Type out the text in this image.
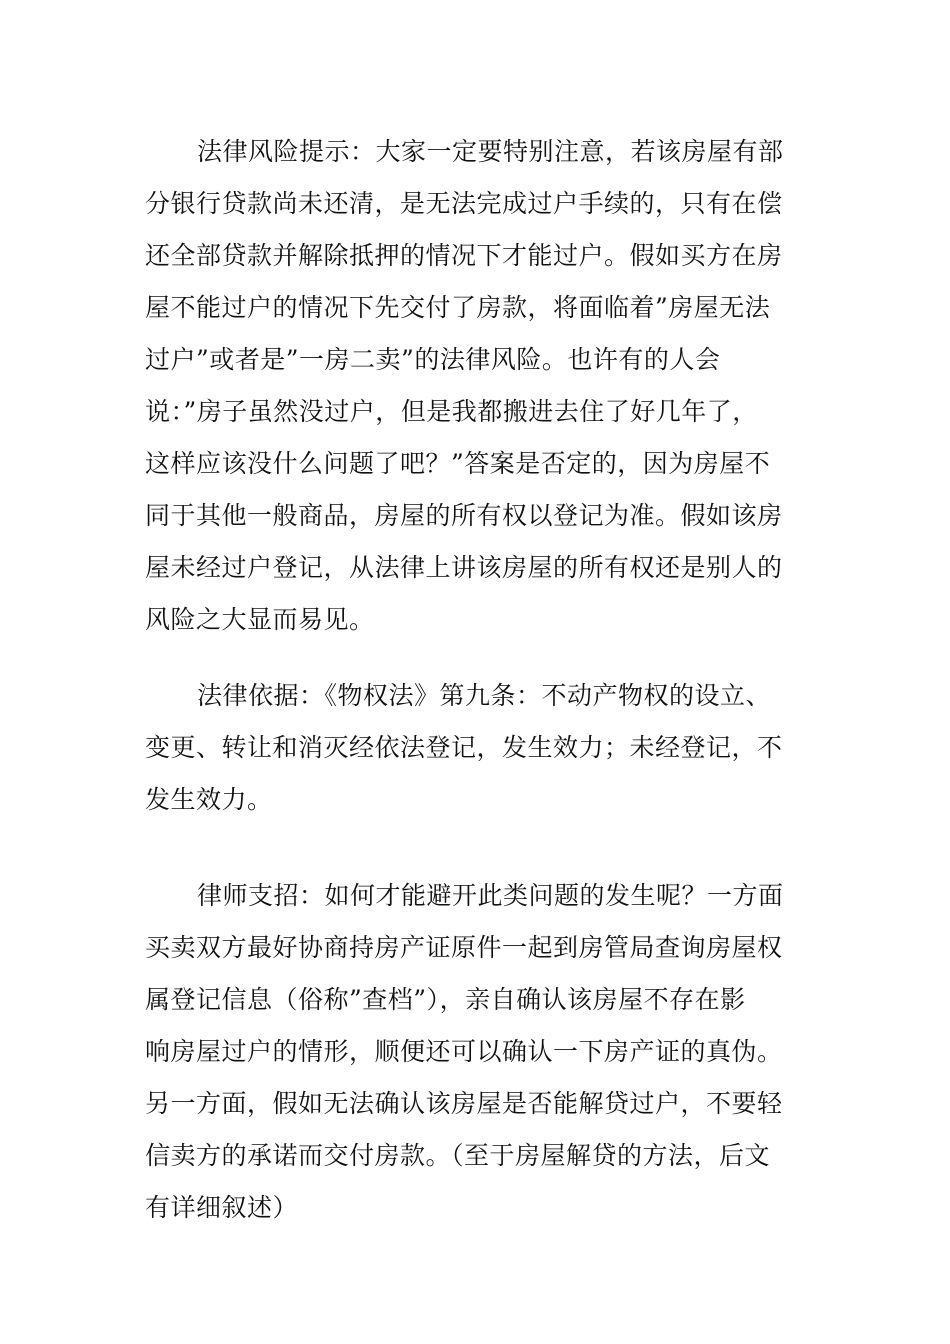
法律风险提示：大家一定要特别注意，若该房屋有部
分银行贷款尚未还清，是无法完成过户手续的，只有在偿
还全部贷款并解除抵押的情况下才能过户。假如买方在房
屋不能过户的情况下先交付了房款，将面临着”房屋无法
过户”或者是”一房二卖”的法律风险。也许有的人会
说：”房子虽然没过户，但是我都搬进去住了好几年了，
这样应该没什么问题了吧？”答案是否定的，因为房屋不
同于其他一般商品，房屋的所有权以登记为准。假如该房
屋未经过户登记，从法律上讲该房屋的所有权还是别人的
风险之大显而易见。

法律依据：《物权法》第九条：不动产物权的设立、
变更、转让和消灭经依法登记，发生效力；未经登记，不
发生效力。

律师支招：如何才能避开此类问题的发生呢？一方面
买卖双方最好协商持房产证原件一起到房管局查询房屋权
属登记信息（俗称”查档”），亲自确认该房屋不存在影
响房屋过户的情形，顺便还可以确认一下房产证的真伪。
另一方面，假如无法确认该房屋是否能解贷过户，不要轻
信卖方的承诺而交付房款。（至于房屋解贷的方法，后文
有详细叙述）
